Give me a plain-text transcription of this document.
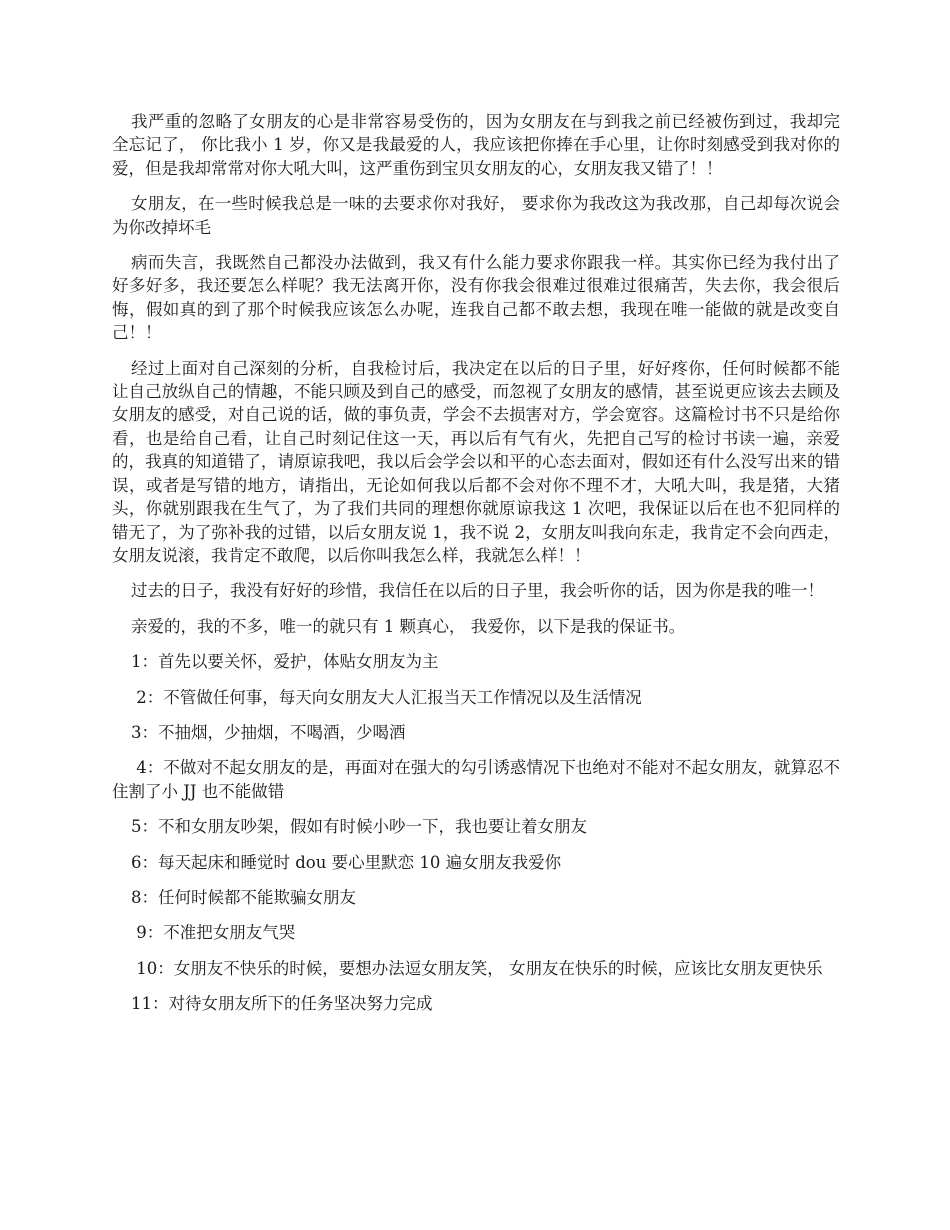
我严重的忽略了女朋友的心是非常容易受伤的，因为女朋友在与到我之前已经被伤到过，我却完全忘记了， 你比我小 1 岁，你又是我最爱的人，我应该把你捧在手心里，让你时刻感受到我对你的爱，但是我却常常对你大吼大叫，这严重伤到宝贝女朋友的心，女朋友我又错了！！

女朋友，在一些时候我总是一味的去要求你对我好， 要求你为我改这为我改那，自己却每次说会为你改掉坏毛

病而失言，我既然自己都没办法做到，我又有什么能力要求你跟我一样。其实你已经为我付出了好多好多，我还要怎么样呢？我无法离开你，没有你我会很难过很难过很痛苦，失去你，我会很后悔，假如真的到了那个时候我应该怎么办呢，连我自己都不敢去想，我现在唯一能做的就是改变自己！！

经过上面对自己深刻的分析，自我检讨后，我决定在以后的日子里，好好疼你，任何时候都不能让自己放纵自己的情趣，不能只顾及到自己的感受，而忽视了女朋友的感情，甚至说更应该去去顾及女朋友的感受，对自己说的话，做的事负责，学会不去损害对方，学会宽容。这篇检讨书不只是给你看，也是给自己看，让自己时刻记住这一天，再以后有气有火，先把自己写的检讨书读一遍，亲爱的，我真的知道错了，请原谅我吧，我以后会学会以和平的心态去面对，假如还有什么没写出来的错误，或者是写错的地方，请指出，无论如何我以后都不会对你不理不才，大吼大叫，我是猪，大猪头，你就别跟我在生气了，为了我们共同的理想你就原谅我这 1 次吧，我保证以后在也不犯同样的错无了，为了弥补我的过错，以后女朋友说 1，我不说 2，女朋友叫我向东走，我肯定不会向西走，女朋友说滚，我肯定不敢爬，以后你叫我怎么样，我就怎么样！！

过去的日子，我没有好好的珍惜，我信任在以后的日子里，我会听你的话，因为你是我的唯一！

亲爱的，我的不多，唯一的就只有 1 颗真心， 我爱你，以下是我的保证书。

1：首先以要关怀，爱护，体贴女朋友为主

2：不管做任何事，每天向女朋友大人汇报当天工作情况以及生活情况

3：不抽烟，少抽烟，不喝酒，少喝酒

4：不做对不起女朋友的是，再面对在强大的勾引诱惑情况下也绝对不能对不起女朋友，就算忍不住割了小 JJ 也不能做错

5：不和女朋友吵架，假如有时候小吵一下，我也要让着女朋友

6：每天起床和睡觉时 dou 要心里默恋 10 遍女朋友我爱你

8：任何时候都不能欺骗女朋友

9：不准把女朋友气哭

10：女朋友不快乐的时候，要想办法逗女朋友笑， 女朋友在快乐的时候，应该比女朋友更快乐

11：对待女朋友所下的任务坚决努力完成
